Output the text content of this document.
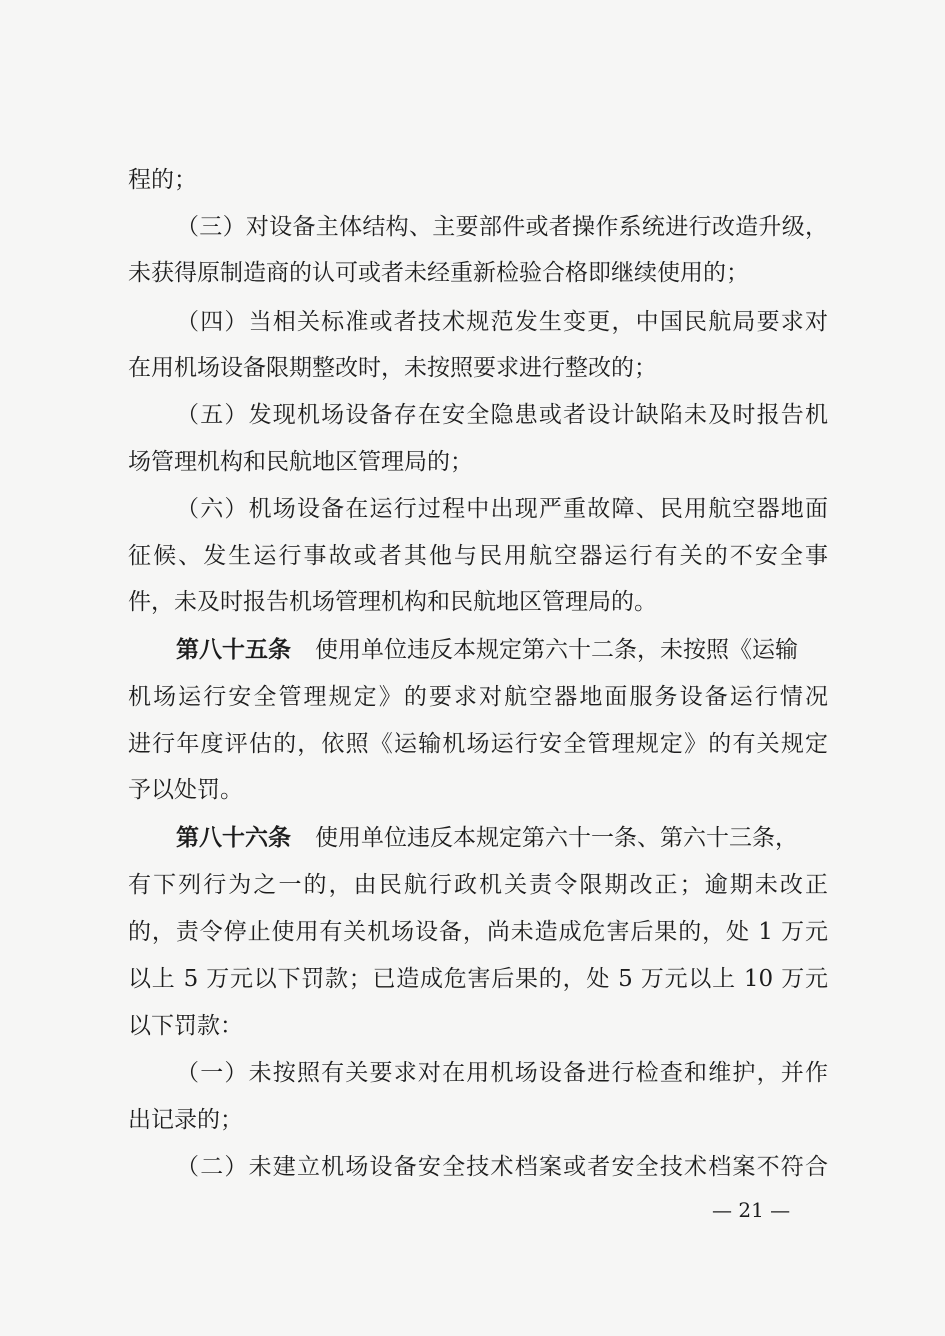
程的；
（三）对设备主体结构、主要部件或者操作系统进行改造升级，
未获得原制造商的认可或者未经重新检验合格即继续使用的；
（四）当相关标准或者技术规范发生变更，中国民航局要求对
在用机场设备限期整改时，未按照要求进行整改的；
（五）发现机场设备存在安全隐患或者设计缺陷未及时报告机
场管理机构和民航地区管理局的；
（六）机场设备在运行过程中出现严重故障、民用航空器地面
征候、发生运行事故或者其他与民用航空器运行有关的不安全事
件，未及时报告机场管理机构和民航地区管理局的。
第八十五条 使用单位违反本规定第六十二条，未按照《运输
机场运行安全管理规定》的要求对航空器地面服务设备运行情况
进行年度评估的，依照《运输机场运行安全管理规定》的有关规定
予以处罚。
第八十六条 使用单位违反本规定第六十一条、第六十三条，
有下列行为之一的，由民航行政机关责令限期改正；逾期未改正
的，责令停止使用有关机场设备，尚未造成危害后果的，处 1 万元
以上 5 万元以下罚款；已造成危害后果的，处 5 万元以上 10 万元
以下罚款：
（一）未按照有关要求对在用机场设备进行检查和维护，并作
出记录的；
（二）未建立机场设备安全技术档案或者安全技术档案不符合
— 21 —
